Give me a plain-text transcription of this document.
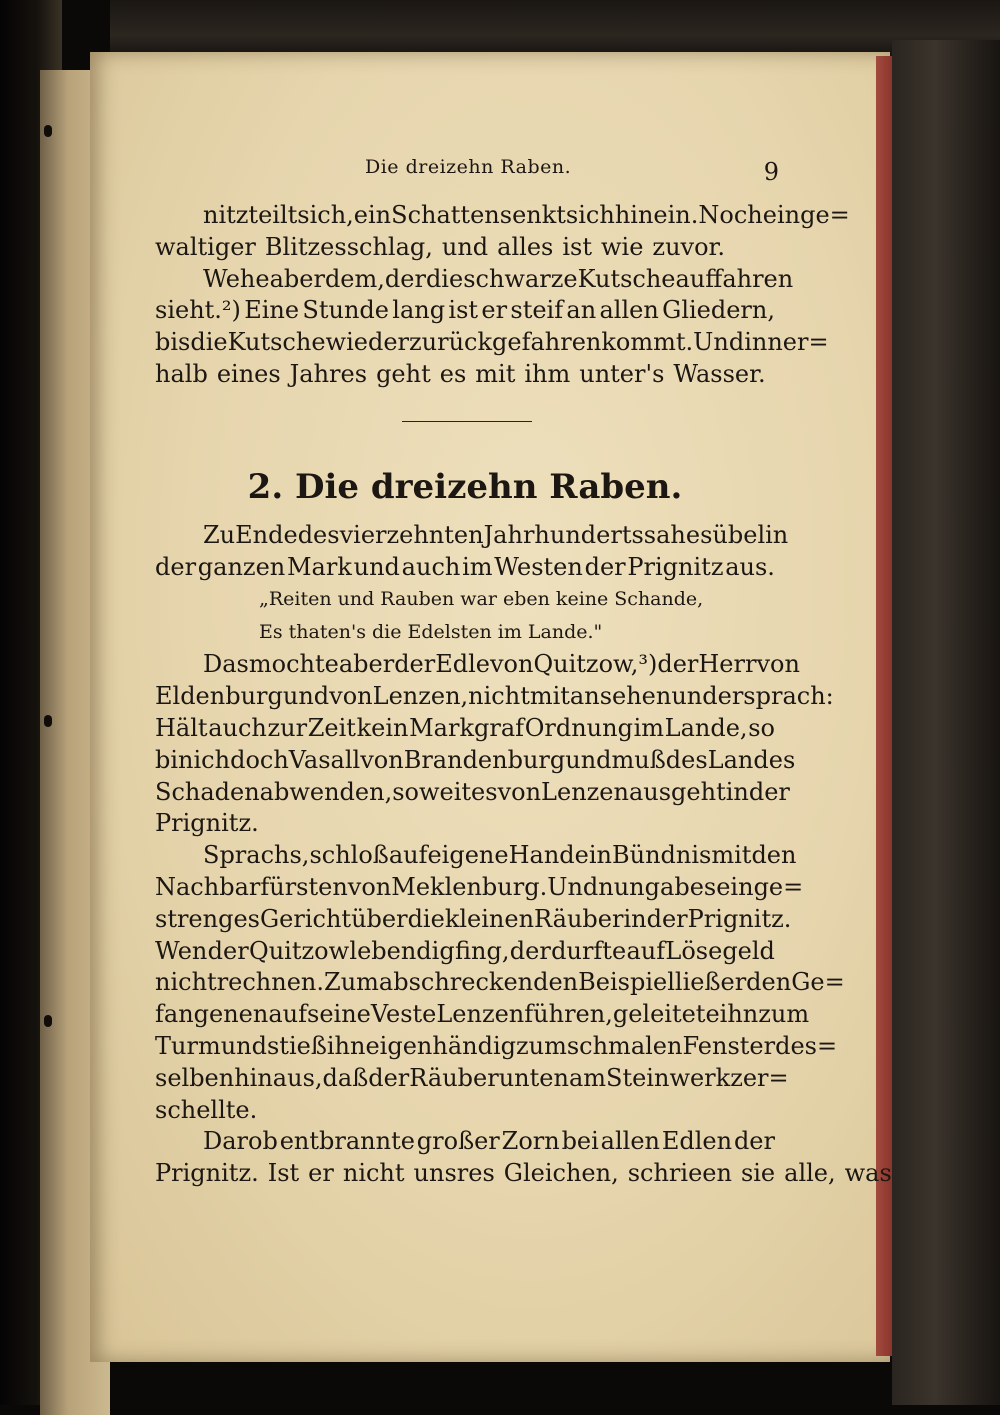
Die dreizehn Raben.	9
nitz teilt sich, ein Schatten senkt sich hinein. Noch ein ge=
waltiger Blitzesschlag, und alles ist wie zuvor.
Wehe aber dem, der die schwarze Kutsche auffahren
sieht.²) Eine Stunde lang ist er steif an allen Gliedern,
bis die Kutsche wieder zurückgefahren kommt. Und inner=
halb eines Jahres geht es mit ihm unter's Wasser.
2. Die dreizehn Raben.
Zu Ende des vierzehnten Jahrhunderts sah es übel in
der ganzen Mark und auch im Westen der Prignitz aus.
„Reiten und Rauben war eben keine Schande,
Es thaten's die Edelsten im Lande."
Das mochte aber der Edle von Quitzow,³) der Herr von
Eldenburg und von Lenzen, nicht mitansehen und er sprach:
Hält auch zur Zeit kein Markgraf Ordnung im Lande, so
bin ich doch Vasall von Brandenburg und muß des Landes
Schaden abwenden, soweit es von Lenzen aus geht in der
Prignitz.
Sprachs, schloß auf eigene Hand ein Bündnis mit den
Nachbarfürsten von Meklenburg. Und nun gab es ein ge=
strenges Gericht über die kleinen Räuber in der Prignitz.
Wen der Quitzow lebendig fing, der durfte auf Lösegeld
nicht rechnen. Zum abschreckenden Beispiel ließ er den Ge=
fangenen auf seine Veste Lenzen führen, geleitete ihn zum
Turm und stieß ihn eigenhändig zum schmalen Fenster des=
selben hinaus, daß der Räuber unten am Steinwerk zer=
schellte.
Darob entbrannte großer Zorn bei allen Edlen der
Prignitz. Ist er nicht unsres Gleichen, schrieen sie alle, was
